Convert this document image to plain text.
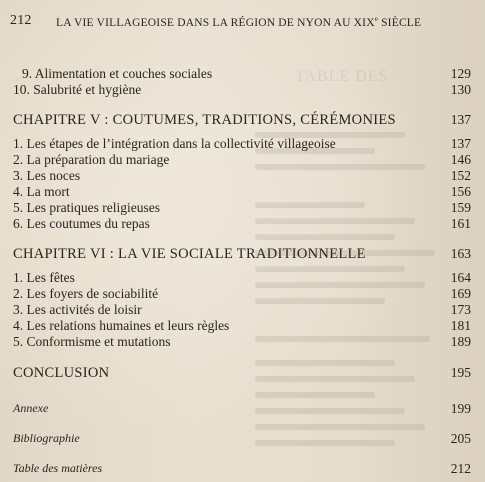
TABLE DES
212 LA VIE VILLAGEOISE DANS LA RÉGION DE NYON AU XIXe SIÈCLE
9. Alimentation et couches sociales	129
10. Salubrité et hygiène	130
CHAPITRE V : COUTUMES, TRADITIONS, CÉRÉMONIES	137
1. Les étapes de l’intégration dans la collectivité villageoise	137
2. La préparation du mariage	146
3. Les noces	152
4. La mort	156
5. Les pratiques religieuses	159
6. Les coutumes du repas	161
CHAPITRE VI : LA VIE SOCIALE TRADITIONNELLE	163
1. Les fêtes	164
2. Les foyers de sociabilité	169
3. Les activités de loisir	173
4. Les relations humaines et leurs règles	181
5. Conformisme et mutations	189
CONCLUSION	195
Annexe	199
Bibliographie	205
Table des matières	212
